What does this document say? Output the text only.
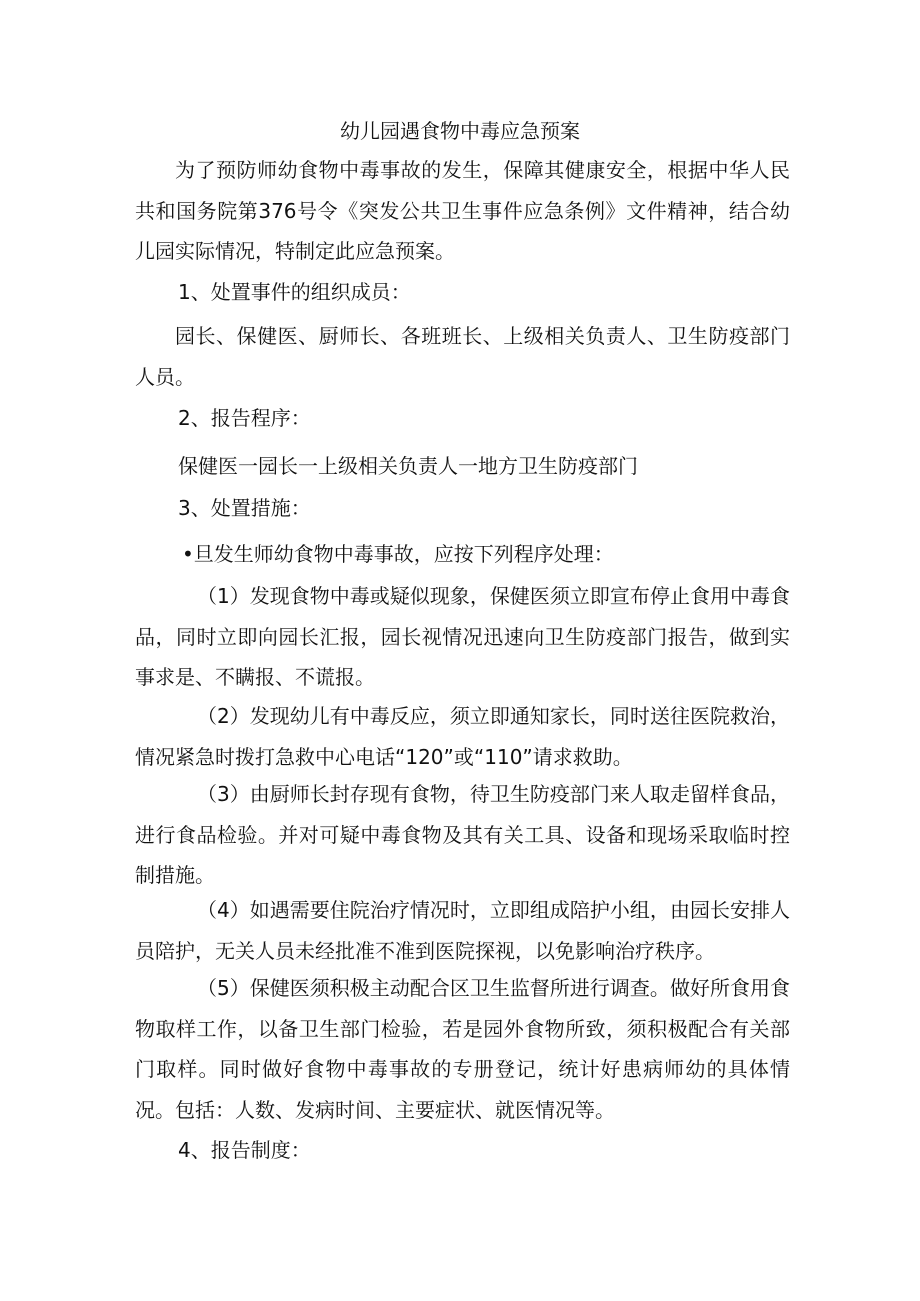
幼儿园遇食物中毒应急预案

为了预防师幼食物中毒事故的发生，保障其健康安全，根据中华人民共和国务院第376号令《突发公共卫生事件应急条例》文件精神，结合幼儿园实际情况，特制定此应急预案。

1、处置事件的组织成员：

园长、保健医、厨师长、各班班长、上级相关负责人、卫生防疫部门人员。

2、报告程序：

保健医一园长一上级相关负责人一地方卫生防疫部门

3、处置措施：

•旦发生师幼食物中毒事故，应按下列程序处理：

（1）发现食物中毒或疑似现象，保健医须立即宣布停止食用中毒食品，同时立即向园长汇报，园长视情况迅速向卫生防疫部门报告，做到实事求是、不瞒报、不谎报。

（2）发现幼儿有中毒反应，须立即通知家长，同时送往医院救治，情况紧急时拨打急救中心电话“120”或“110”请求救助。

（3）由厨师长封存现有食物，待卫生防疫部门来人取走留样食品，进行食品检验。并对可疑中毒食物及其有关工具、设备和现场采取临时控制措施。

（4）如遇需要住院治疗情况时，立即组成陪护小组，由园长安排人员陪护，无关人员未经批准不准到医院探视，以免影响治疗秩序。

（5）保健医须积极主动配合区卫生监督所进行调查。做好所食用食物取样工作，以备卫生部门检验，若是园外食物所致，须积极配合有关部门取样。同时做好食物中毒事故的专册登记，统计好患病师幼的具体情况。包括：人数、发病时间、主要症状、就医情况等。

4、报告制度：
